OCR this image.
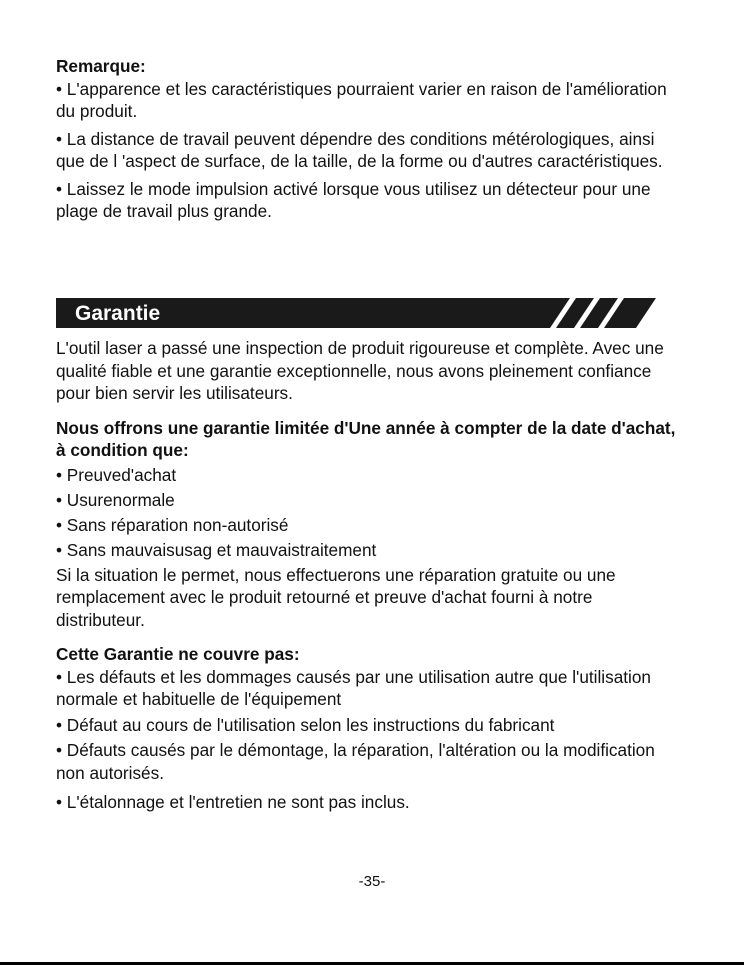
Remarque:

• L'apparence et les caractéristiques pourraient varier en raison de l'amélioration du produit.

• La distance de travail peuvent dépendre des conditions métérologiques, ainsi que de l 'aspect de surface, de la taille, de la forme ou d'autres caractéristiques.

• Laissez le mode impulsion activé lorsque vous utilisez un détecteur pour une plage de travail plus grande.

Garantie

L'outil laser a passé une inspection de produit rigoureuse et complète. Avec une qualité fiable et une garantie exceptionnelle, nous avons pleinement confiance pour bien servir les utilisateurs.

Nous offrons une garantie limitée d'Une année à compter de la date d'achat, à condition que:

• Preuved'achat

• Usurenormale

• Sans réparation non-autorisé

• Sans mauvaisusag et mauvaistraitement

Si la situation le permet, nous effectuerons une réparation gratuite ou une remplacement avec le produit retourné et preuve d'achat fourni à notre distributeur.

Cette Garantie ne couvre pas:

• Les défauts et les dommages causés par une utilisation autre que l'utilisation normale et habituelle de l'équipement

• Défaut au cours de l'utilisation selon les instructions du fabricant

• Défauts causés par le démontage, la réparation, l'altération ou la modification non autorisés.

• L'étalonnage et l'entretien ne sont pas inclus.

-35-
